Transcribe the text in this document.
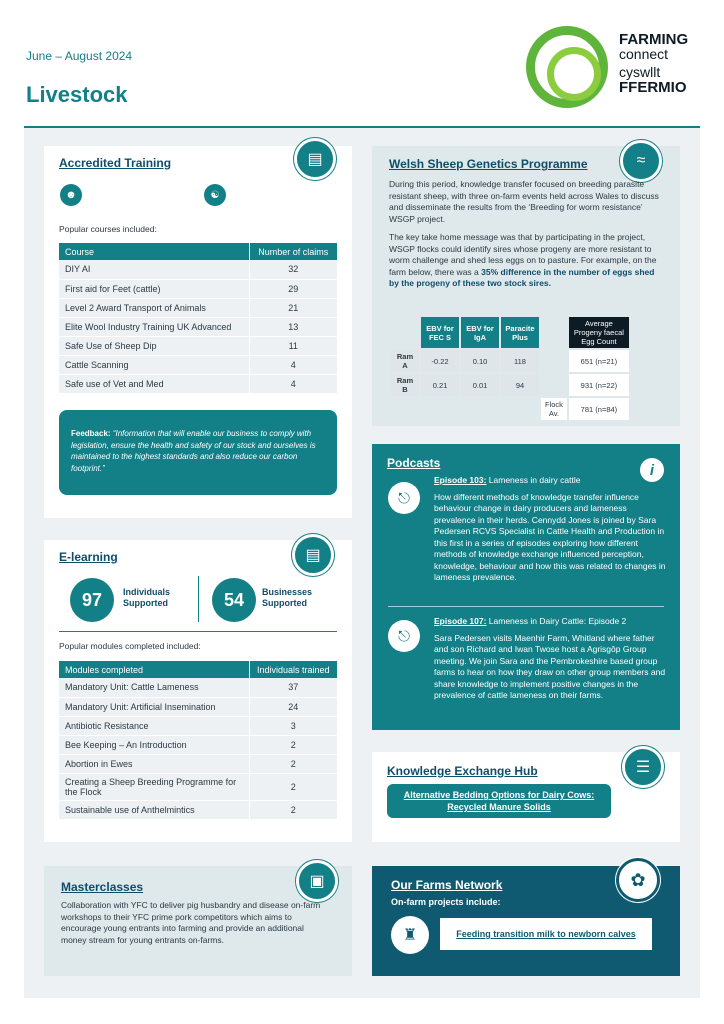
June – August 2024
Livestock
FARMING
connect
cyswllt
FFERMIO
Accredited Training	▤
☻	☯
Popular courses included:
Course	Number of claims
DIY AI	32
First aid for Feet (cattle)	29
Level 2 Award Transport of Animals	21
Elite Wool Industry Training UK Advanced	13
Safe Use of Sheep Dip	11
Cattle Scanning	4
Safe use of Vet and Med	4
Feedback: “Information that will enable our business to comply with legislation, ensure the health and safety of our stock and ourselves is maintained to the highest standards and also reduce our carbon footprint.”
E-learning	▤
97	Individuals
Supported	54	Businesses
Supported
Popular modules completed included:
Modules completed	Individuals trained
Mandatory Unit: Cattle Lameness	37
Mandatory Unit: Artificial Insemination	24
Antibiotic Resistance	3
Bee Keeping – An Introduction	2
Abortion in Ewes	2
Creating a Sheep Breeding Programme for the Flock	2
Sustainable use of Anthelmintics	2
Masterclasses	▣
Collaboration with YFC to deliver pig husbandry and disease on-farm workshops to their YFC prime pork competitors which aims to encourage young entrants into farming and provide an additional money stream for young entrants on-farms.
Welsh Sheep Genetics Programme	≈
During this period, knowledge transfer focused on breeding parasite resistant sheep, with three on-farm events held across Wales to discuss and disseminate the results from the ‘Breeding for worm resistance’ WSGP project.
The key take home message was that by participating in the project, WSGP flocks could identify sires whose progeny are more resistant to worm challenge and shed less eggs on to pasture. For example, on the farm below, there was a 35% difference in the number of eggs shed by the progeny of these two stock sires.
	EBV for FEC S	EBV for IgA	Paracite Plus		Average Progeny faecal Egg Count
Ram A	-0.22	0.10	118		651 (n=21)
Ram B	0.21	0.01	94		931 (n=22)
				Flock Av.	781 (n=84)
Podcasts	i
⎋
Episode 103: Lameness in dairy cattle
How different methods of knowledge transfer influence behaviour change in dairy producers and lameness prevalence in their herds. Cennydd Jones is joined by Sara Pedersen RCVS Specialist in Cattle Health and Production in this first in a series of episodes exploring how different methods of knowledge exchange influenced perception, knowledge, behaviour and how this was related to changes in lameness prevalence.
⎋
Episode 107: Lameness in Dairy Cattle: Episode 2
Sara Pedersen visits Maenhir Farm, Whitland where father and son Richard and Iwan Twose host a Agrisgôp Group meeting. We join Sara and the Pembrokeshire based group farms to hear on how they draw on other group members and share knowledge to implement positive changes in the prevalence of cattle lameness on their farms.
Knowledge Exchange Hub	☰
Alternative Bedding Options for Dairy Cows:
Recycled Manure Solids
Our Farms Network	✿
On-farm projects include:
♜	Feeding transition milk to newborn calves
